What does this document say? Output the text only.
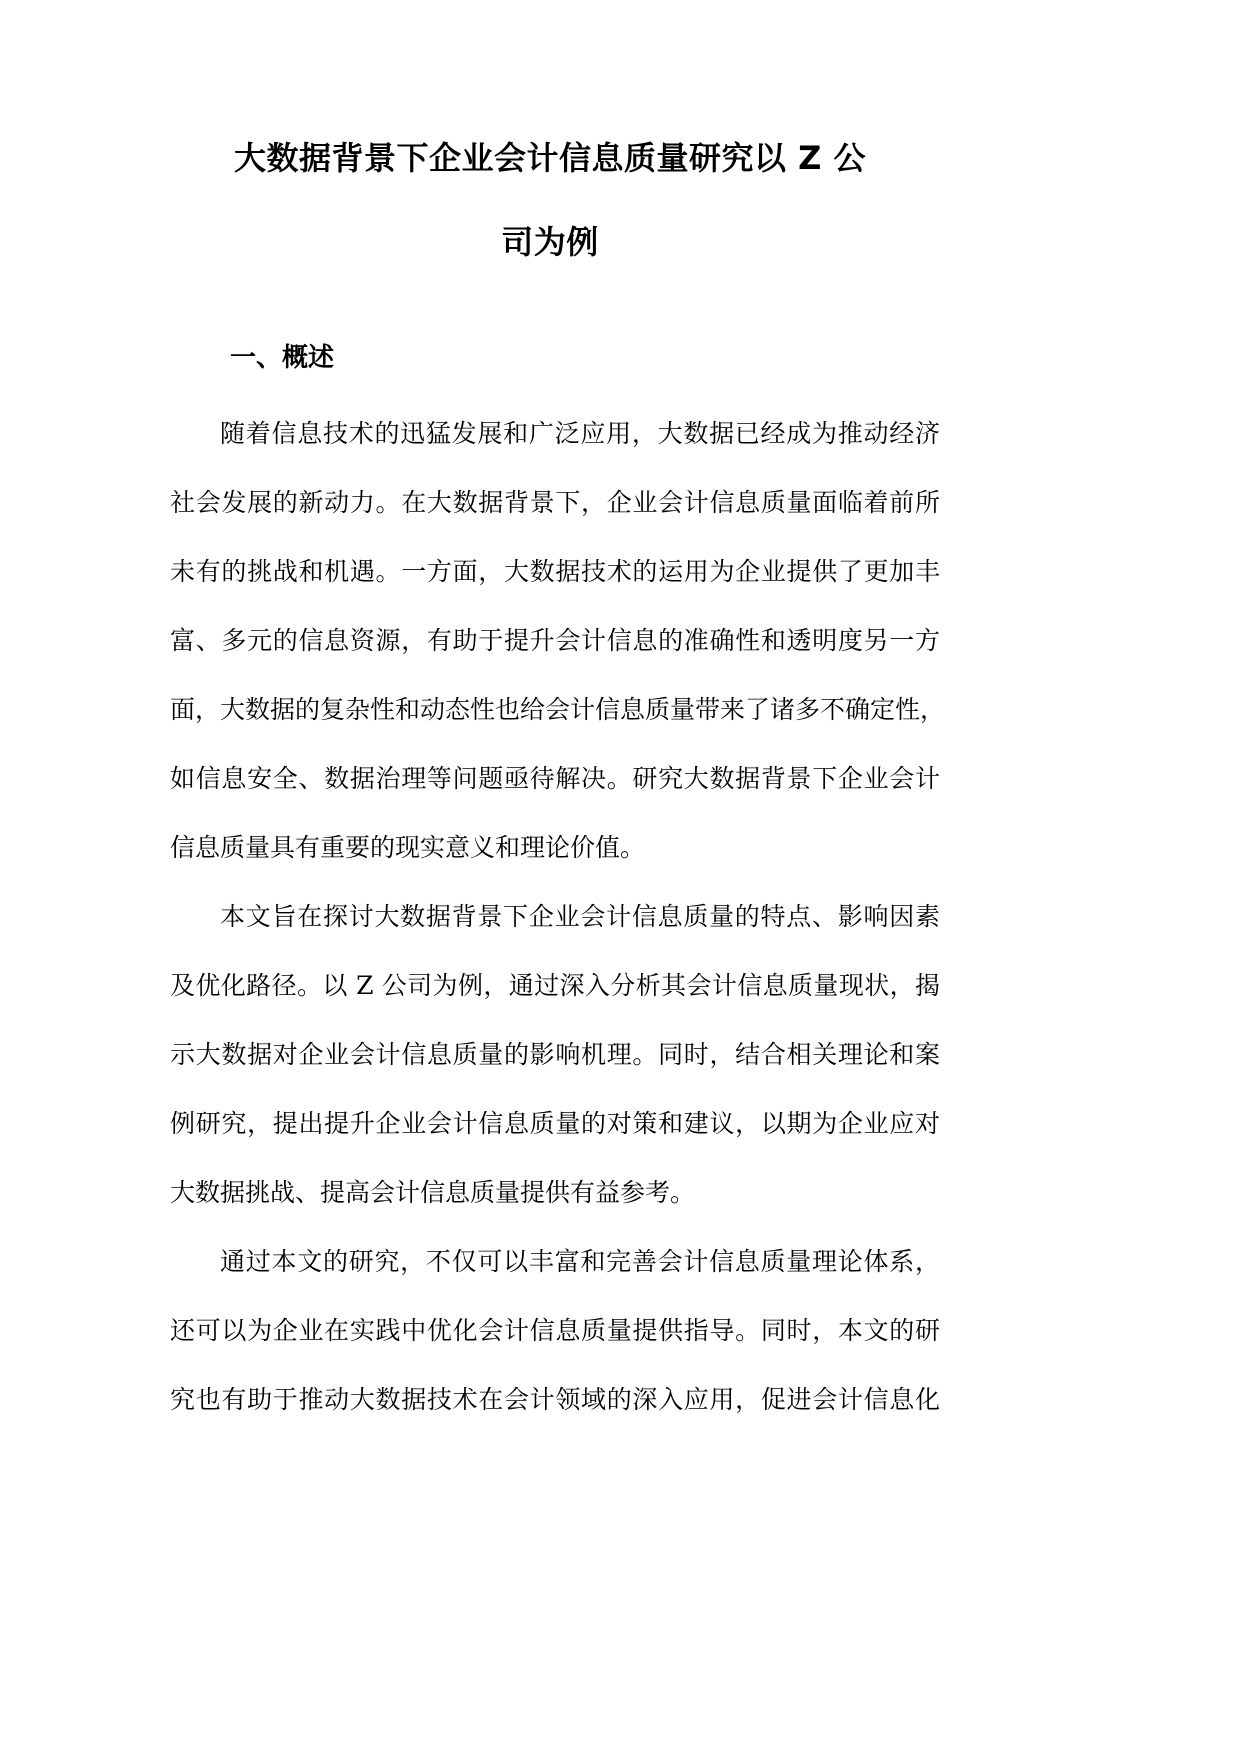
大数据背景下企业会计信息质量研究以 Z 公
司为例
一、概述
随着信息技术的迅猛发展和广泛应用，大数据已经成为推动经济
社会发展的新动力。在大数据背景下，企业会计信息质量面临着前所
未有的挑战和机遇。一方面，大数据技术的运用为企业提供了更加丰
富、多元的信息资源，有助于提升会计信息的准确性和透明度另一方
面，大数据的复杂性和动态性也给会计信息质量带来了诸多不确定性，
如信息安全、数据治理等问题亟待解决。研究大数据背景下企业会计
信息质量具有重要的现实意义和理论价值。
本文旨在探讨大数据背景下企业会计信息质量的特点、影响因素
及优化路径。以 Z 公司为例，通过深入分析其会计信息质量现状，揭
示大数据对企业会计信息质量的影响机理。同时，结合相关理论和案
例研究，提出提升企业会计信息质量的对策和建议，以期为企业应对
大数据挑战、提高会计信息质量提供有益参考。
通过本文的研究，不仅可以丰富和完善会计信息质量理论体系，
还可以为企业在实践中优化会计信息质量提供指导。同时，本文的研
究也有助于推动大数据技术在会计领域的深入应用，促进会计信息化
